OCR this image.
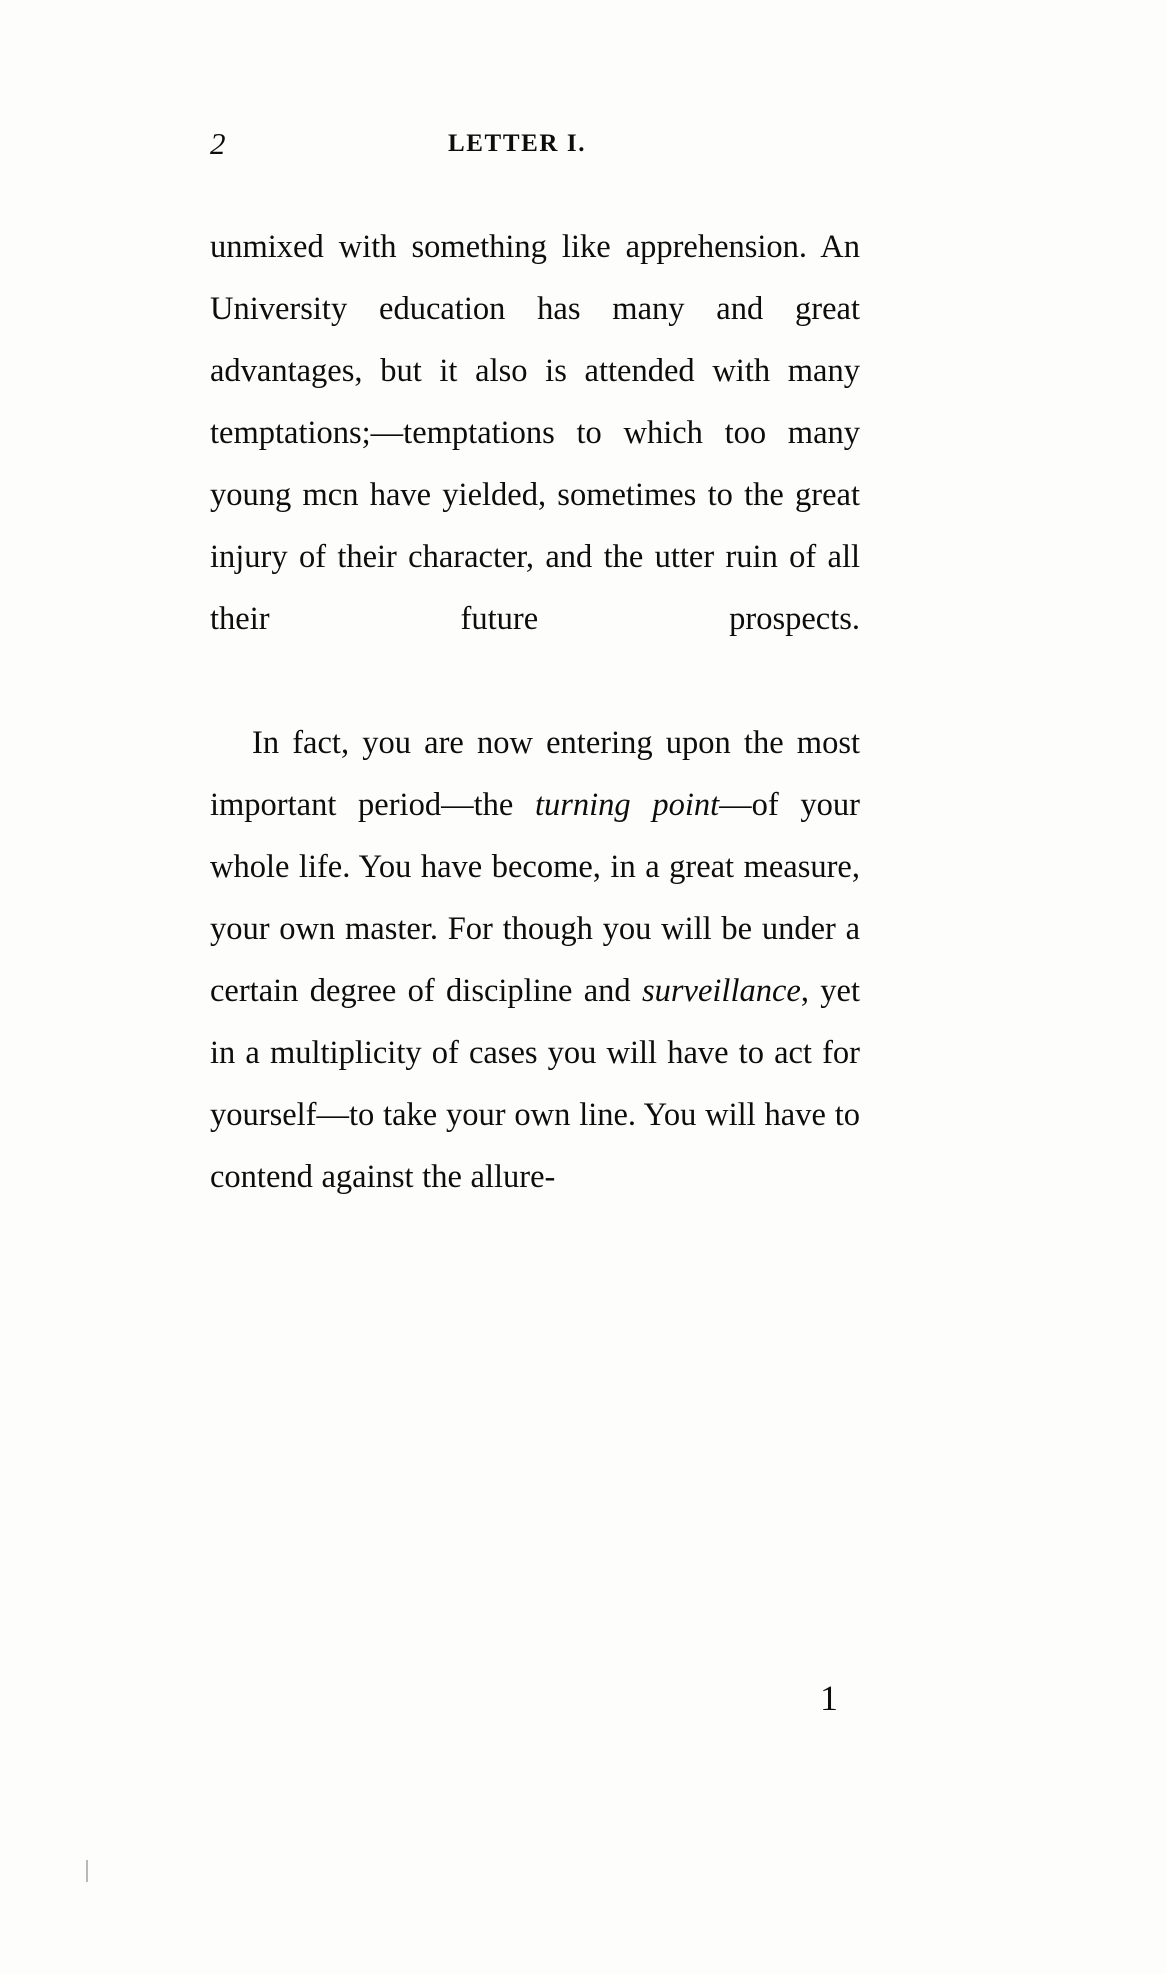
2	LETTER I.

unmixed with something like apprehension. An University education has many and great advantages, but it also is attended with many temptations;—temptations to which too many young mcn have yielded, sometimes to the great injury of their character, and the utter ruin of all their future prospects.

In fact, you are now entering upon the most important period—the turning point—of your whole life. You have become, in a great measure, your own master. For though you will be under a certain degree of discipline and surveillance, yet in a multiplicity of cases you will have to act for yourself—to take your own line. You will have to contend against the allure-

1
